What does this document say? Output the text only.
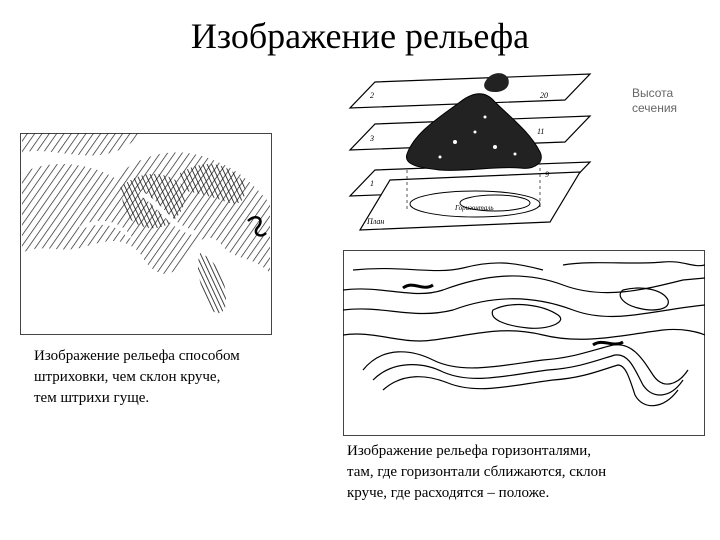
Изображение рельефа
2
3
1
20
11
9
План
Горизонталь
Высота
сечения
Изображение рельефа способом
штриховки, чем склон круче,
тем штрихи гуще.
Изображение рельефа горизонталями,
там, где горизонтали сближаются, склон
круче, где расходятся – положе.
